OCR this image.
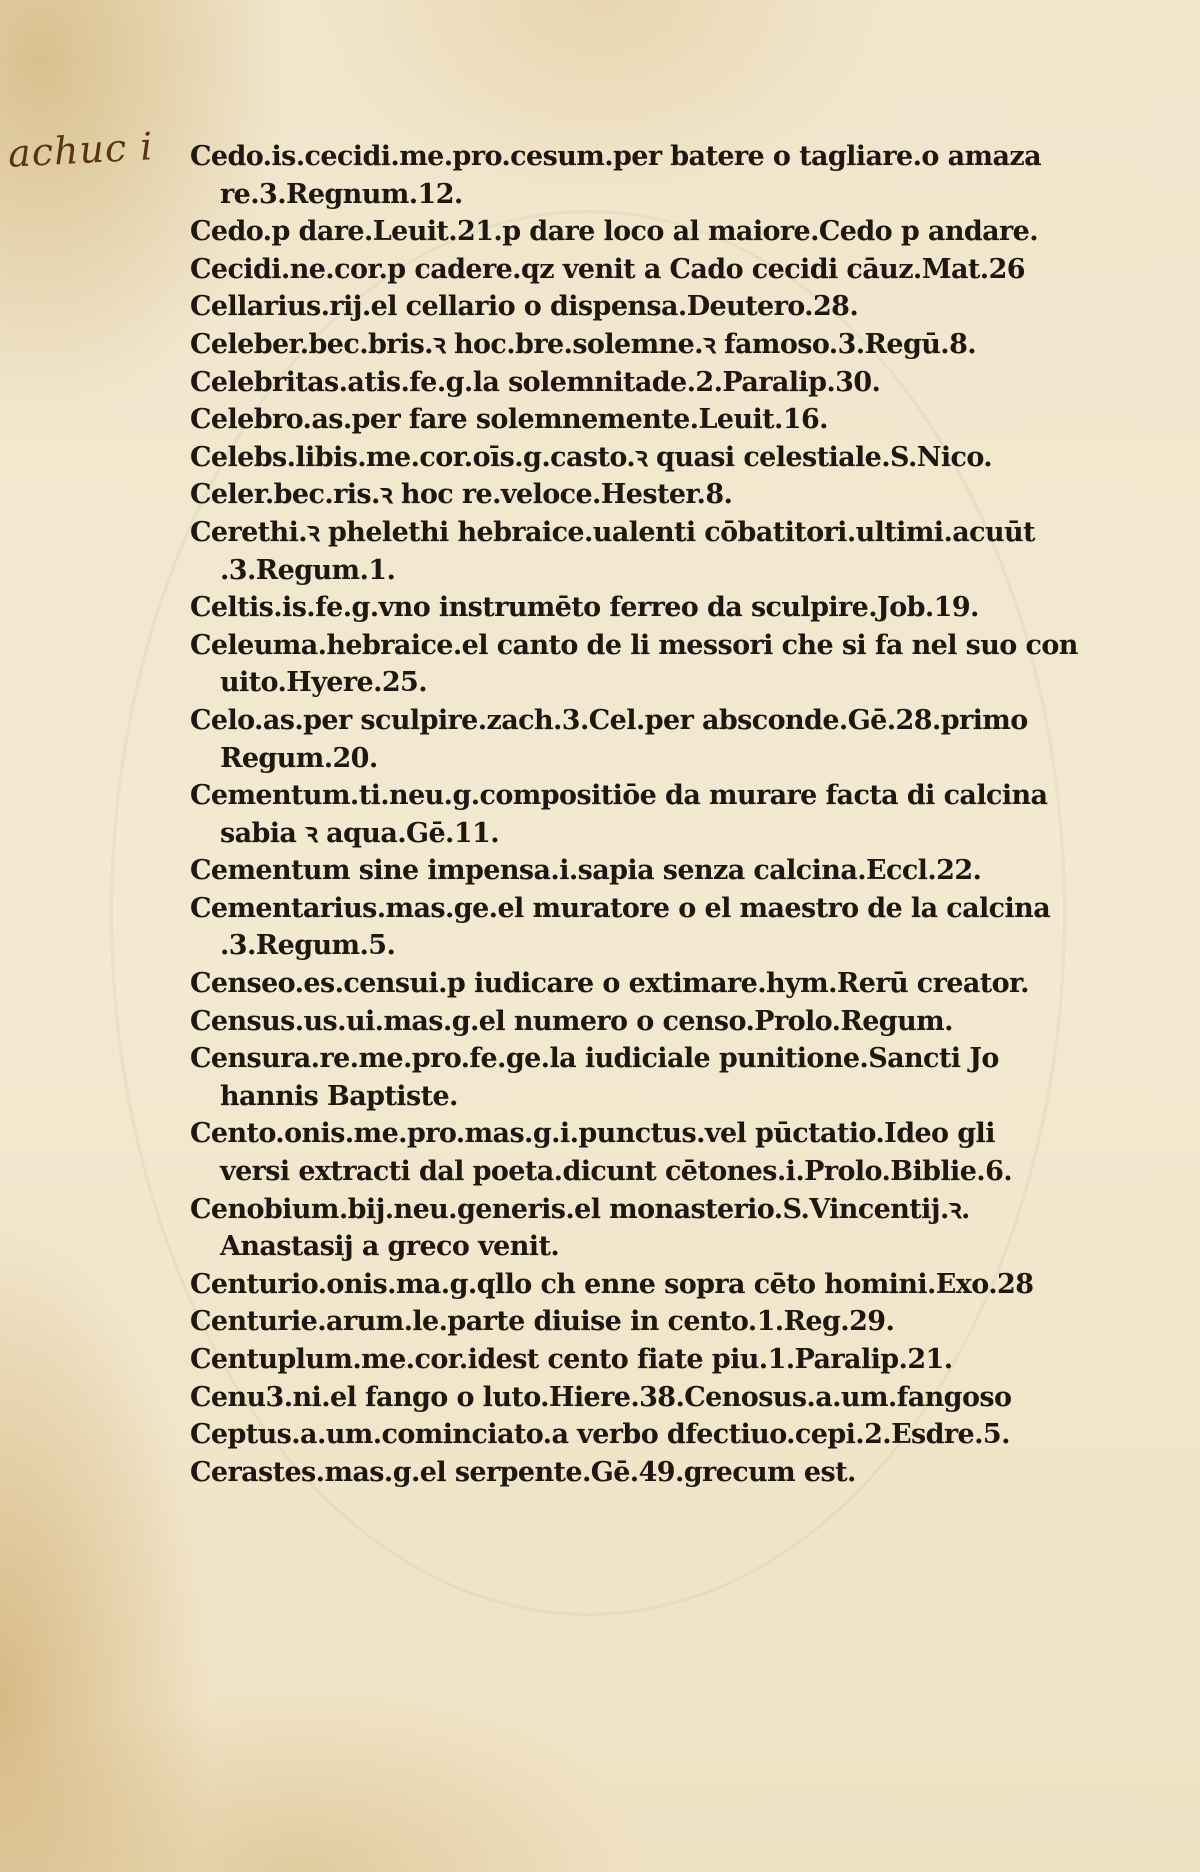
achuc i Cedo.is.cecidi.me.pro.cesum.per batere o tagliare.o amaza
re.3.Regnum.12.
Cedo.p dare.Leuit.21.p dare loco al maiore.Cedo p andare.
Cecidi.ne.cor.p cadere.qz venit a Cado cecidi cāuz.Mat.26
Cellarius.rij.el cellario o dispensa.Deutero.28.
Celeber.bec.bris.ꝛ hoc.bre.solemne.ꝛ famoso.3.Regū.8.
Celebritas.atis.fe.g.la solemnitade.2.Paralip.30.
Celebro.as.per fare solemnemente.Leuit.16.
Celebs.libis.me.cor.oīs.g.casto.ꝛ quasi celestiale.S.Nico.
Celer.bec.ris.ꝛ hoc re.veloce.Hester.8.
Cerethi.ꝛ phelethi hebraice.ualenti cōbatitori.ultimi.acuūt
.3.Regum.1.
Celtis.is.fe.g.vno instrumēto ferreo da sculpire.Job.19.
Celeuma.hebraice.el canto de li messori che si fa nel suo con
uito.Hyere.25.
Celo.as.per sculpire.zach.3.Cel.per absconde.Gē.28.primo
Regum.20.
Cementum.ti.neu.g.compositiōe da murare facta di calcina
sabia ꝛ aqua.Gē.11.
Cementum sine impensa.i.sapia senza calcina.Eccl.22.
Cementarius.mas.ge.el muratore o el maestro de la calcina
.3.Regum.5.
Censeo.es.censui.p iudicare o extimare.hym.Rerū creator.
Census.us.ui.mas.g.el numero o censo.Prolo.Regum.
Censura.re.me.pro.fe.ge.la iudiciale punitione.Sancti Jo
hannis Baptiste.
Cento.onis.me.pro.mas.g.i.punctus.vel pūctatio.Ideo gli
versi extracti dal poeta.dicunt cētones.i.Prolo.Biblie.6.
Cenobium.bij.neu.generis.el monasterio.S.Vincentij.ꝛ.
Anastasij a greco venit.
Centurio.onis.ma.g.qllo ch enne sopra cēto homini.Exo.28
Centurie.arum.le.parte diuise in cento.1.Reg.29.
Centuplum.me.cor.idest cento fiate piu.1.Paralip.21.
Cenu3.ni.el fango o luto.Hiere.38.Cenosus.a.um.fangoso
Ceptus.a.um.cominciato.a verbo dfectiuo.cepi.2.Esdre.5.
Cerastes.mas.g.el serpente.Gē.49.grecum est.
